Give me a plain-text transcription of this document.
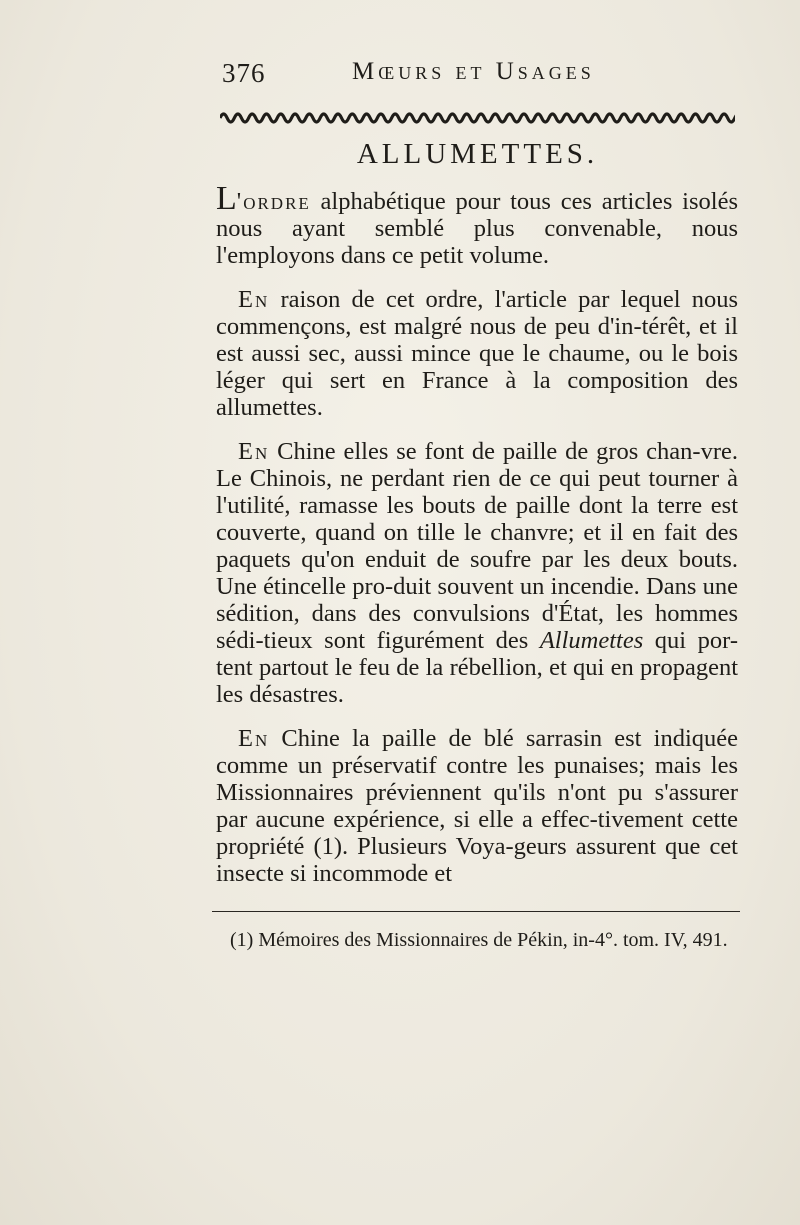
376	Mœurs et Usages
ALLUMETTES.

L'ordre alphabétique pour tous ces articles isolés nous ayant semblé plus convenable, nous l'employons dans ce petit volume.

En raison de cet ordre, l'article par lequel nous commençons, est malgré nous de peu d'in-térêt, et il est aussi sec, aussi mince que le chaume, ou le bois léger qui sert en France à la composition des allumettes.

En Chine elles se font de paille de gros chan-vre. Le Chinois, ne perdant rien de ce qui peut tourner à l'utilité, ramasse les bouts de paille dont la terre est couverte, quand on tille le chanvre; et il en fait des paquets qu'on enduit de soufre par les deux bouts. Une étincelle pro-duit souvent un incendie. Dans une sédition, dans des convulsions d'État, les hommes sédi-tieux sont figurément des Allumettes qui por-tent partout le feu de la rébellion, et qui en propagent les désastres.

En Chine la paille de blé sarrasin est indiquée comme un préservatif contre les punaises; mais les Missionnaires préviennent qu'ils n'ont pu s'assurer par aucune expérience, si elle a effec-tivement cette propriété (1). Plusieurs Voya-geurs assurent que cet insecte si incommode et

(1) Mémoires des Missionnaires de Pékin, in-4°. tom. IV, 491.
